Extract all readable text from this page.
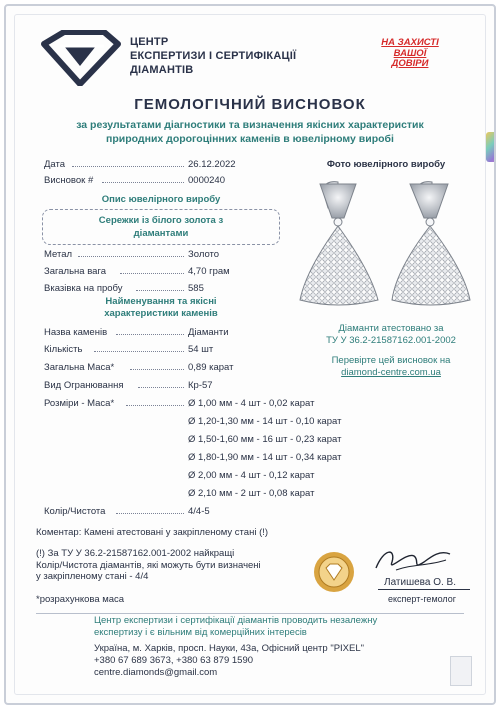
ЦЕНТР
ЕКСПЕРТИЗИ І СЕРТИФІКАЦІЇ
ДІАМАНТІВ
НА ЗАХИСТІ
ВАШОЇ
ДОВІРИ
ГЕМОЛОГІЧНИЙ ВИСНОВОК
за результатами діагностики та визначення якісних характеристик
природних дорогоцінних каменів в ювелірному виробі
Дата	26.12.2022
Висновок #	0000240
Опис ювелірного виробу
Сережки із білого золота з
діамантами
Метал	Золото
Загальна вага	4,70 грам
Вказівка на пробу	585
Найменування та якісні
характеристики каменів
Назва каменів	Діаманти
Кількість	54 шт
Загальна Маса*	0,89 карат
Вид Огранювання	Кр-57
Розміри - Маса*	Ø 1,00 мм - 4 шт - 0,02 карат
Ø 1,20-1,30 мм - 14 шт - 0,10 карат
Ø 1,50-1,60 мм - 16 шт - 0,23 карат
Ø 1,80-1,90 мм - 14 шт - 0,34 карат
Ø 2,00 мм - 4 шт - 0,12 карат
Ø 2,10 мм - 2 шт - 0,08 карат
Колір/Чистота	4/4-5
Фото ювелірного виробу
Діаманти атестовано за
ТУ У 36.2-21587162.001-2002
Перевірте цей висновок на
diamond-centre.com.ua
Коментар: Камені атестовані у закріпленому стані (!)
(!) За ТУ У 36.2-21587162.001-2002 найкращі
Колір/Чистота діамантів, які можуть бути визначені
у закріпленому стані - 4/4
*розрахункова маса
Латишева О. В.
експерт-гемолог
Центр експертизи і сертифікації діамантів проводить незалежну
експертизу і є вільним від комерційних інтересів
Україна, м. Харків, просп. Науки, 43а, Офісний центр "PIXEL"
+380 67 689 3673, +380 63 879 1590
centre.diamonds@gmail.com
